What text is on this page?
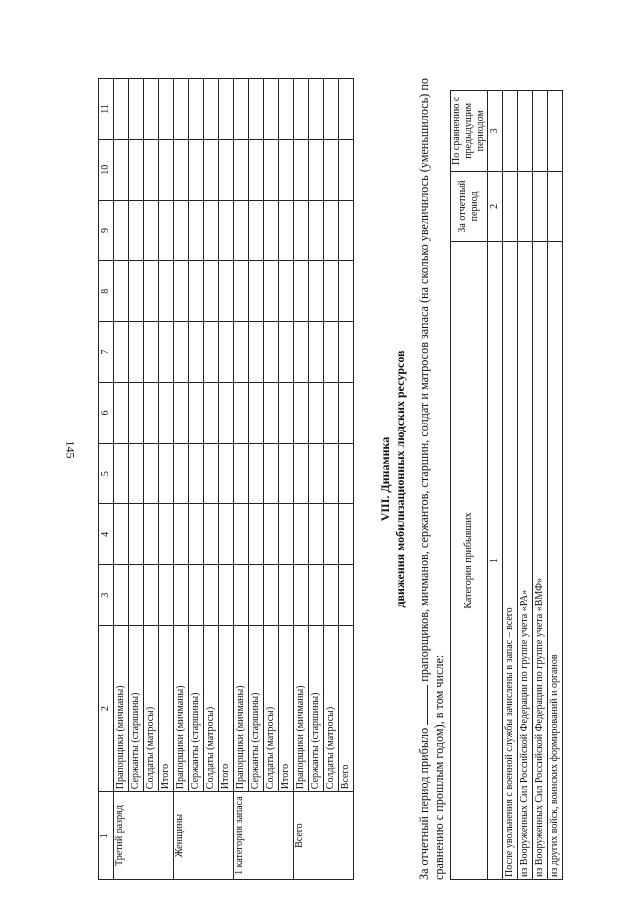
145
1	2	3	4	5	6	7	8	9	10	11
Третий разряд	Прапорщики (мичманы)									
	Сержанты (старшины)									
	Солдаты (матросы)									
	Итого									
Женщины	Прапорщики (мичманы)									
	Сержанты (старшины)									
	Солдаты (матросы)									
	Итого									
1 категория запаса	Прапорщики (мичманы)									
	Сержанты (старшины)									
	Солдаты (матросы)									
	Итого									
Всего	Прапорщики (мичманы)									
	Сержанты (старшины)									
	Солдаты (матросы)									
	Всего									
VIII. Динамика движения мобилизационных людских ресурсов
За отчетный период прибыло  прапорщиков, мичманов, сержантов, старшин, солдат и матросов запаса (на сколько увеличилось (уменьшилось) по сравнению с прошлым годом), в том числе:
Категория прибывших	За отчетный период	По сравнению с предыдущим периодом
1	2	3
После увольнения с военной службы зачислены в запас – всего		
из Вооруженных Сил Российской Федерации по группе учета «РА»		
из Вооруженных Сил Российской Федерации по группе учета «ВМФ»		
из других войск, воинских формирований и органов		
